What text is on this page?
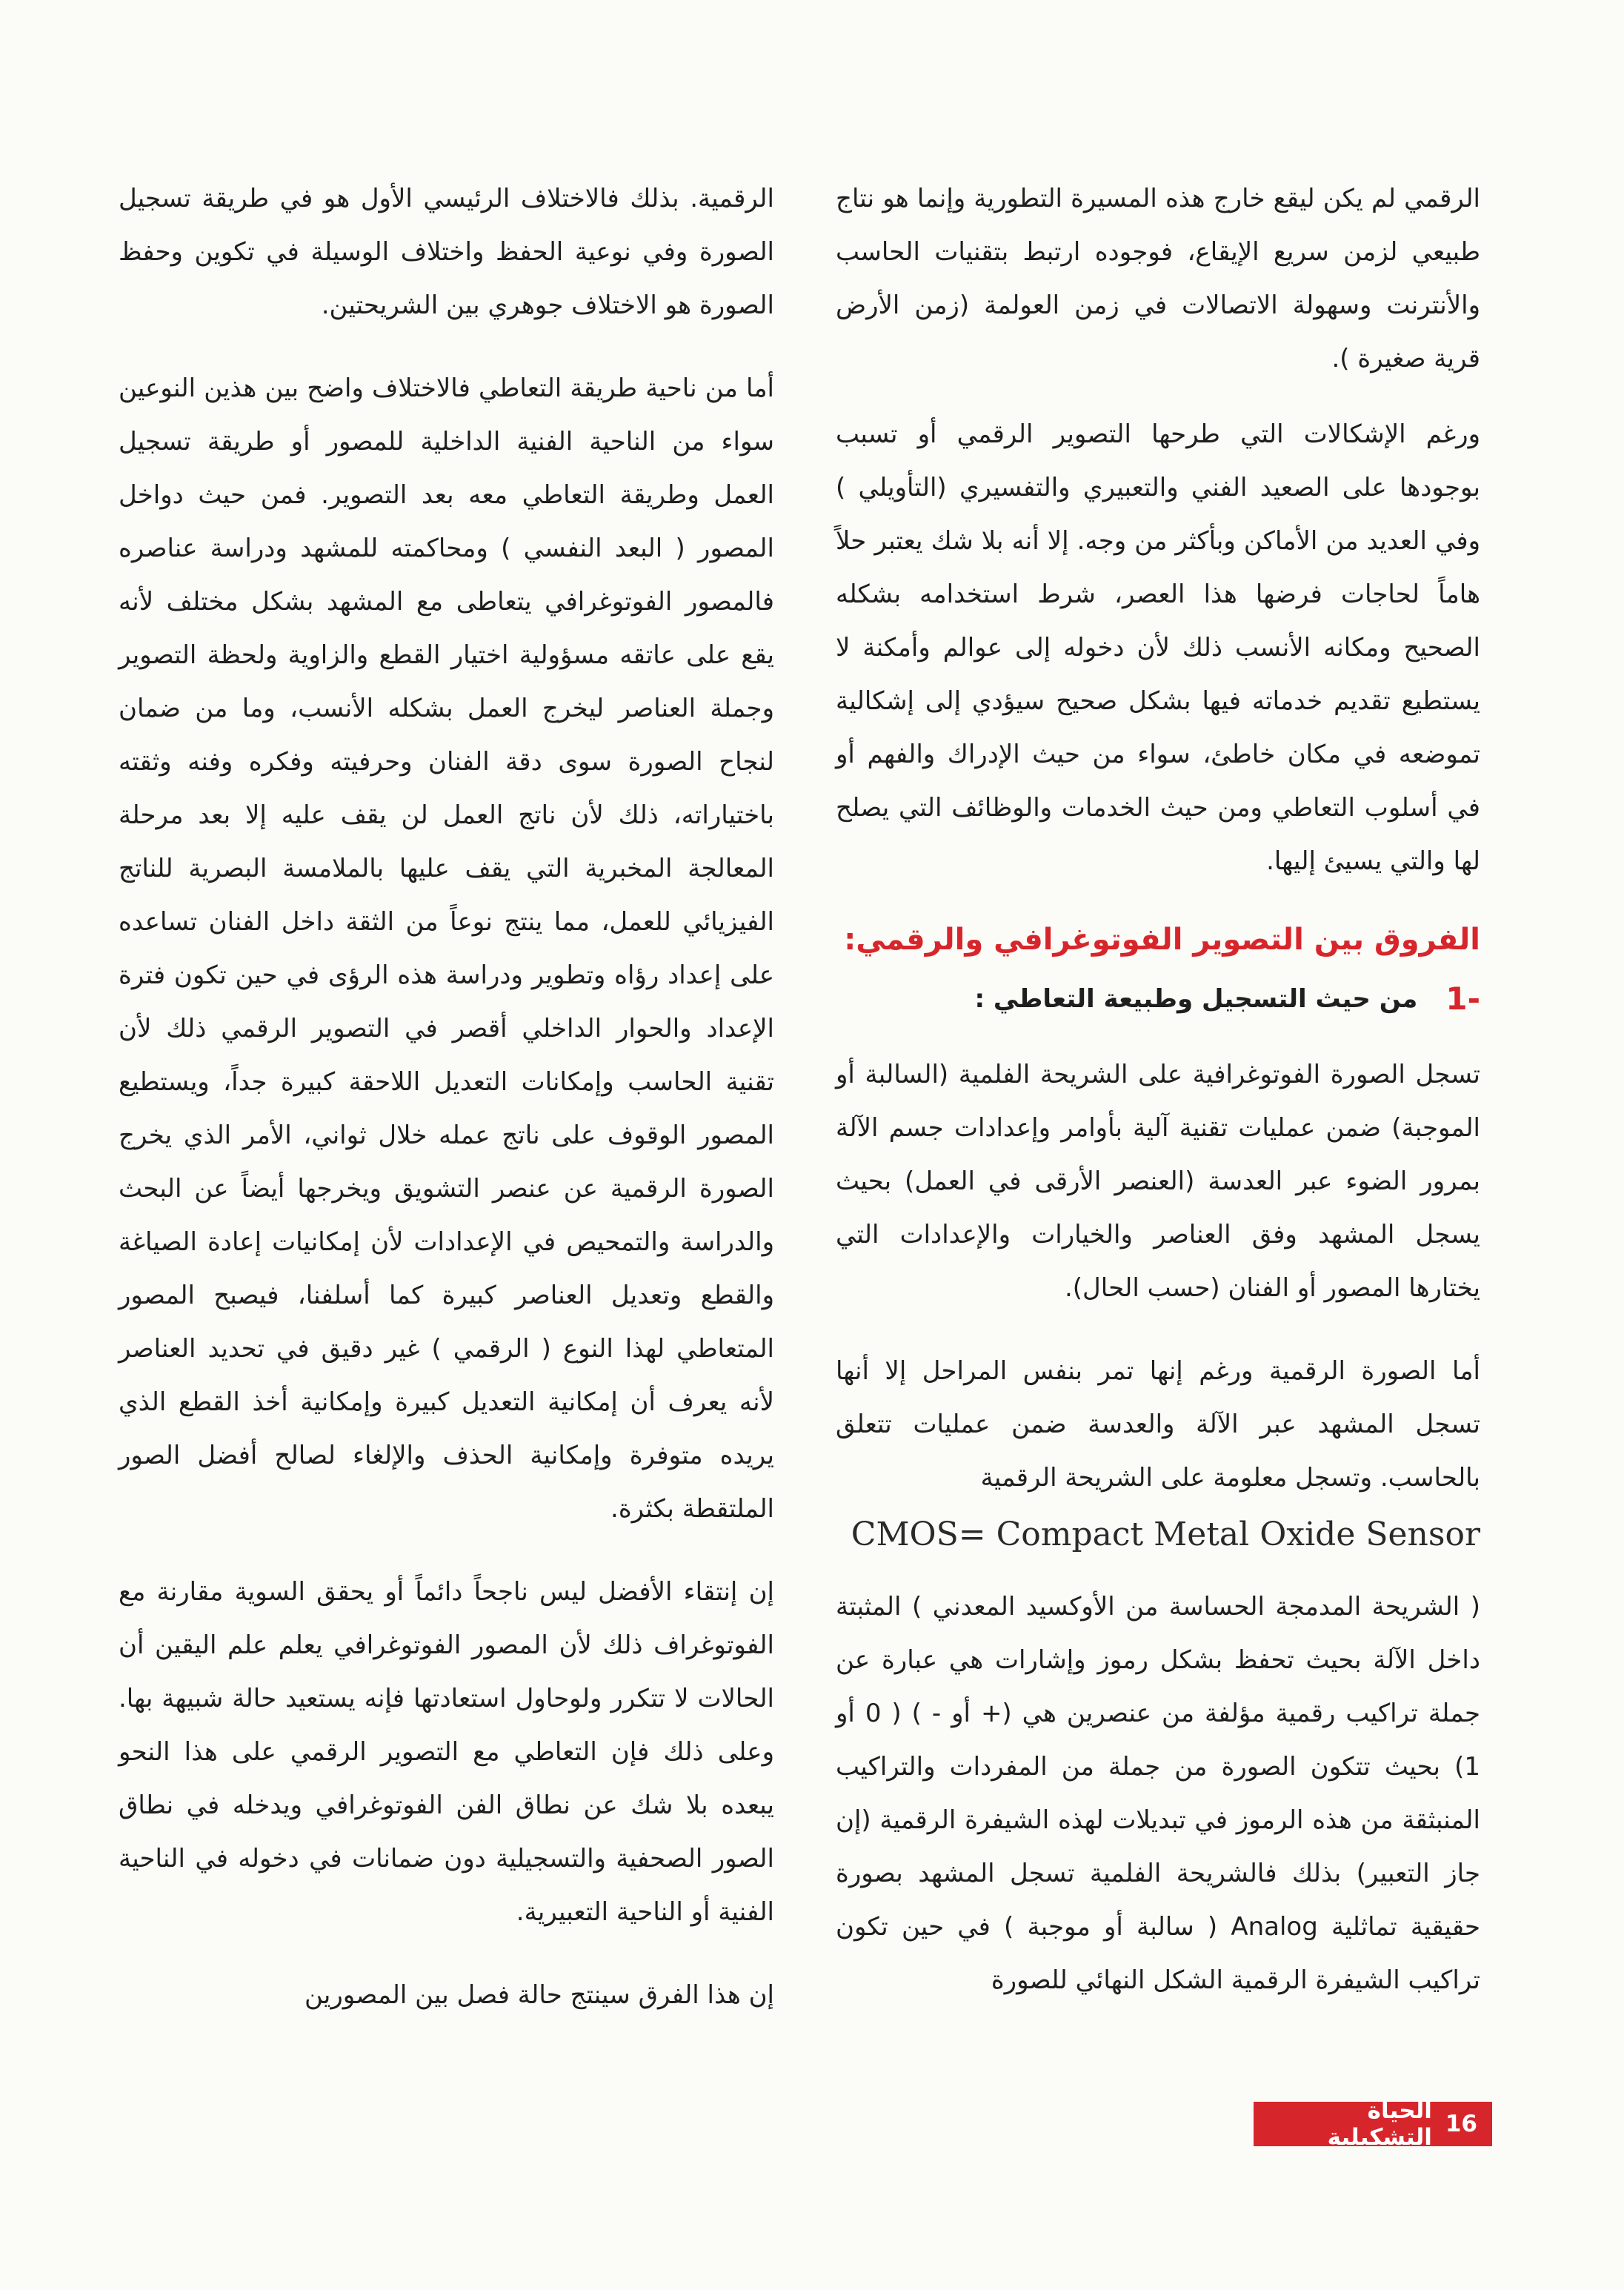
الرقمي لم يكن ليقع خارج هذه المسيرة التطورية وإنما هو نتاج طبيعي لزمن سريع الإيقاع، فوجوده ارتبط بتقنيات الحاسب والأنترنت وسهولة الاتصالات في زمن العولمة (زمن الأرض قرية صغيرة ).

ورغم الإشكالات التي طرحها التصوير الرقمي أو تسبب بوجودها على الصعيد الفني والتعبيري والتفسيري (التأويلي ) وفي العديد من الأماكن وبأكثر من وجه. إلا أنه بلا شك يعتبر حلاً هاماً لحاجات فرضها هذا العصر، شرط استخدامه بشكله الصحيح ومكانه الأنسب ذلك لأن دخوله إلى عوالم وأمكنة لا يستطيع تقديم خدماته فيها بشكل صحيح سيؤدي إلى إشكالية تموضعه في مكان خاطئ، سواء من حيث الإدراك والفهم أو في أسلوب التعاطي ومن حيث الخدمات والوظائف التي يصلح لها والتي يسيئ إليها.

الفروق بين التصوير الفوتوغرافي والرقمي:
1-
من حيث التسجيل وطبيعة التعاطي :

تسجل الصورة الفوتوغرافية على الشريحة الفلمية (السالبة أو الموجبة) ضمن عمليات تقنية آلية بأوامر وإعدادات جسم الآلة بمرور الضوء عبر العدسة (العنصر الأرقى في العمل) بحيث يسجل المشهد وفق العناصر والخيارات والإعدادات التي يختارها المصور أو الفنان (حسب الحال).

أما الصورة الرقمية ورغم إنها تمر بنفس المراحل إلا أنها تسجل المشهد عبر الآلة والعدسة ضمن عمليات تتعلق بالحاسب. وتسجل معلومة على الشريحة الرقمية

CMOS= Compact Metal Oxide Sensor

( الشريحة المدمجة الحساسة من الأوكسيد المعدني ) المثبتة داخل الآلة بحيث تحفظ بشكل رموز وإشارات هي عبارة عن جملة تراكيب رقمية مؤلفة من عنصرين هي (+ أو - ) ( 0 أو 1) بحيث تتكون الصورة من جملة من المفردات والتراكيب المنبثقة من هذه الرموز في تبديلات لهذه الشيفرة الرقمية (إن جاز التعبير) بذلك فالشريحة الفلمية تسجل المشهد بصورة حقيقية تماثلية Analog ( سالبة أو موجبة ) في حين تكون تراكيب الشيفرة الرقمية الشكل النهائي للصورة

الرقمية. بذلك فالاختلاف الرئيسي الأول هو في طريقة تسجيل الصورة وفي نوعية الحفظ واختلاف الوسيلة في تكوين وحفظ الصورة هو الاختلاف جوهري بين الشريحتين.

أما من ناحية طريقة التعاطي فالاختلاف واضح بين هذين النوعين سواء من الناحية الفنية الداخلية للمصور أو طريقة تسجيل العمل وطريقة التعاطي معه بعد التصوير. فمن حيث دواخل المصور ( البعد النفسي ) ومحاكمته للمشهد ودراسة عناصره فالمصور الفوتوغرافي يتعاطى مع المشهد بشكل مختلف لأنه يقع على عاتقه مسؤولية اختيار القطع والزاوية ولحظة التصوير وجملة العناصر ليخرج العمل بشكله الأنسب، وما من ضمان لنجاح الصورة سوى دقة الفنان وحرفيته وفكره وفنه وثقته باختياراته، ذلك لأن ناتج العمل لن يقف عليه إلا بعد مرحلة المعالجة المخبرية التي يقف عليها بالملامسة البصرية للناتج الفيزيائي للعمل، مما ينتج نوعاً من الثقة داخل الفنان تساعده على إعداد رؤاه وتطوير ودراسة هذه الرؤى في حين تكون فترة الإعداد والحوار الداخلي أقصر في التصوير الرقمي ذلك لأن تقنية الحاسب وإمكانات التعديل اللاحقة كبيرة جداً، ويستطيع المصور الوقوف على ناتج عمله خلال ثواني، الأمر الذي يخرج الصورة الرقمية عن عنصر التشويق ويخرجها أيضاً عن البحث والدراسة والتمحيص في الإعدادات لأن إمكانيات إعادة الصياغة والقطع وتعديل العناصر كبيرة كما أسلفنا، فيصبح المصور المتعاطي لهذا النوع ( الرقمي ) غير دقيق في تحديد العناصر لأنه يعرف أن إمكانية التعديل كبيرة وإمكانية أخذ القطع الذي يريده متوفرة وإمكانية الحذف والإلغاء لصالح أفضل الصور الملتقطة بكثرة.

إن إنتقاء الأفضل ليس ناجحاً دائماً أو يحقق السوية مقارنة مع الفوتوغراف ذلك لأن المصور الفوتوغرافي يعلم علم اليقين أن الحالات لا تتكرر ولوحاول استعادتها فإنه يستعيد حالة شبيهة بها. وعلى ذلك فإن التعاطي مع التصوير الرقمي على هذا النحو يبعده بلا شك عن نطاق الفن الفوتوغرافي ويدخله في نطاق الصور الصحفية والتسجيلية دون ضمانات في دخوله في الناحية الفنية أو الناحية التعبيرية.

إن هذا الفرق سينتج حالة فصل بين المصورين

16
الحياة التشكيلية
